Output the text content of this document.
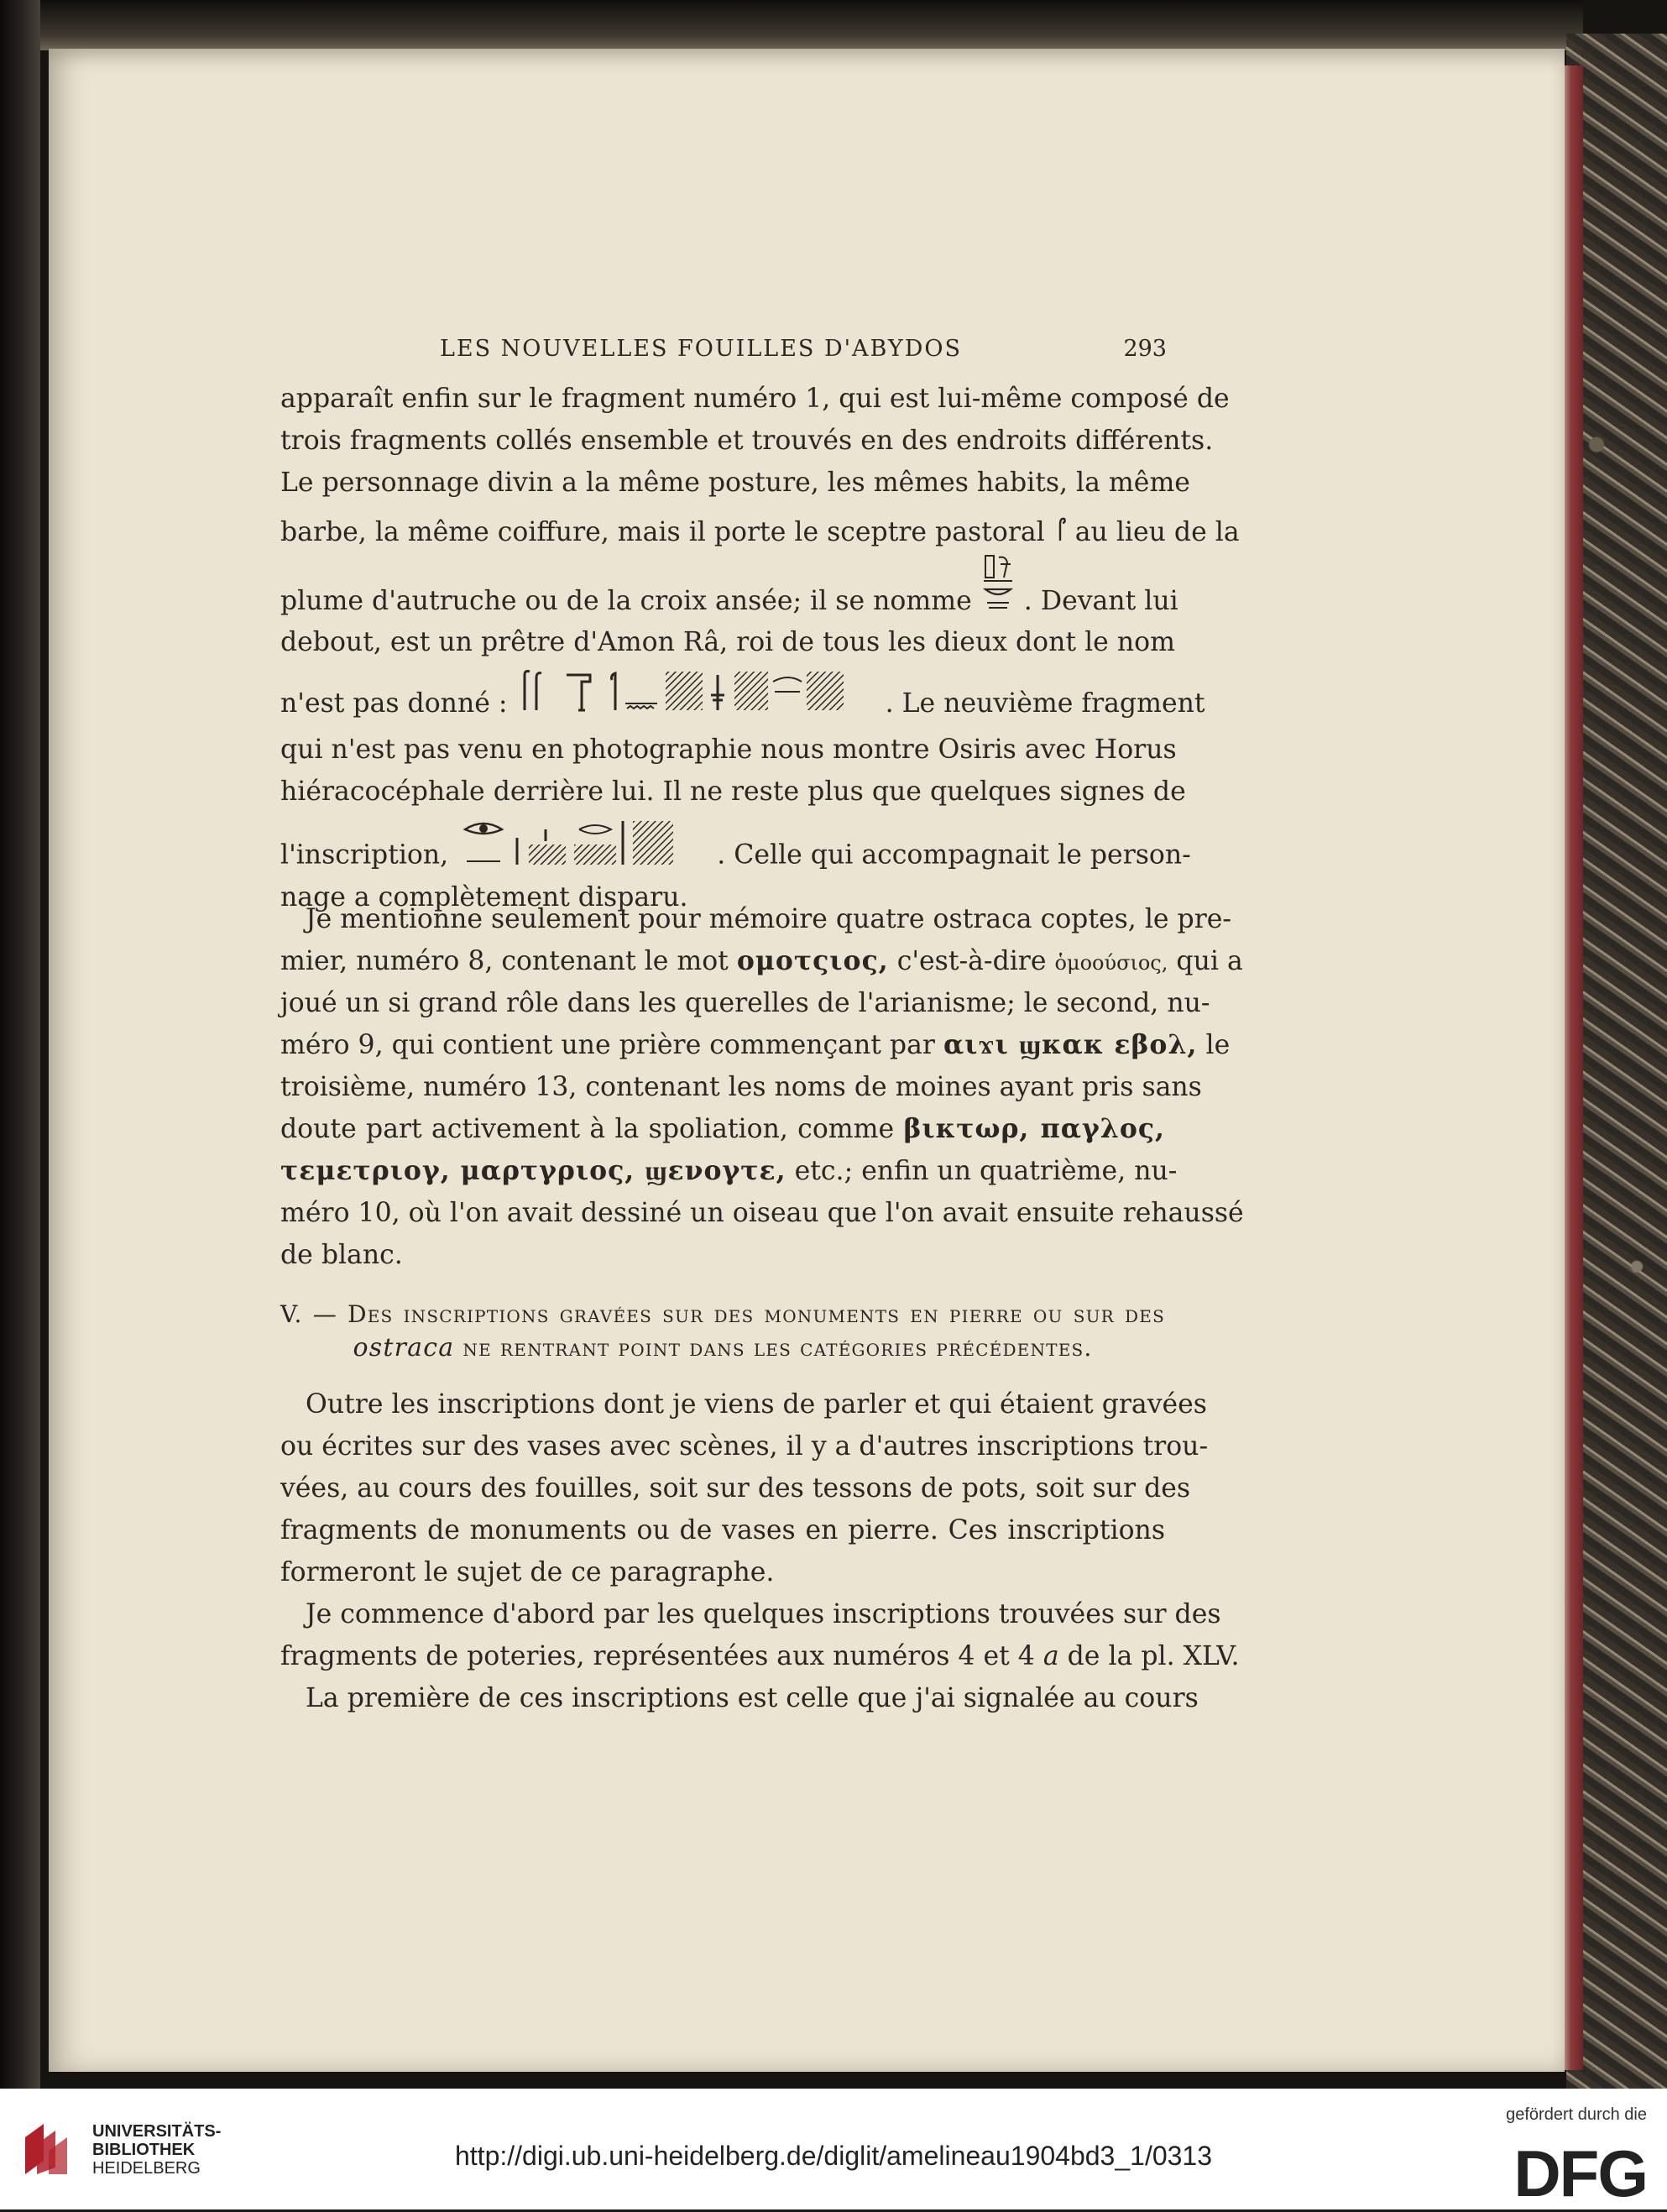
LES NOUVELLES FOUILLES D'ABYDOS	293
apparaît enfin sur le fragment numéro 1, qui est lui-même composé de
trois fragments collés ensemble et trouvés en des endroits différents.
Le personnage divin a la même posture, les mêmes habits, la même
barbe, la même coiffure, mais il porte le sceptre pastoral au lieu de la
plume d'autruche ou de la croix ansée; il se nomme . Devant lui
debout, est un prêtre d'Amon Râ, roi de tous les dieux dont le nom
n'est pas donné :	. Le neuvième fragment
qui n'est pas venu en photographie nous montre Osiris avec Horus
hiéracocéphale derrière lui. Il ne reste plus que quelques signes de
l'inscription,	. Celle qui accompagnait le person-
nage a complètement disparu.
Je mentionne seulement pour mémoire quatre ostraca coptes, le pre-
mier, numéro 8, contenant le mot ομοτςιος, c'est-à-dire ὁμοούσιος, qui a
joué un si grand rôle dans les querelles de l'arianisme; le second, nu-
méro 9, qui contient une prière commençant par αιϫι ϣκακ εβολ, le
troisième, numéro 13, contenant les noms de moines ayant pris sans
doute part activement à la spoliation, comme βικτωρ, παγλος,
τεμετριογ, μαρτγριος, ϣενογτε, etc.; enfin un quatrième, nu-
méro 10, où l'on avait dessiné un oiseau que l'on avait ensuite rehaussé
de blanc.
V. — Des inscriptions gravées sur des monuments en pierre ou sur des
ostraca ne rentrant point dans les catégories précédentes.
Outre les inscriptions dont je viens de parler et qui étaient gravées
ou écrites sur des vases avec scènes, il y a d'autres inscriptions trou-
vées, au cours des fouilles, soit sur des tessons de pots, soit sur des
fragments de monuments ou de vases en pierre. Ces inscriptions
formeront le sujet de ce paragraphe.
Je commence d'abord par les quelques inscriptions trouvées sur des
fragments de poteries, représentées aux numéros 4 et 4 a de la pl. XLV.
La première de ces inscriptions est celle que j'ai signalée au cours
UNIVERSITÄTS-
BIBLIOTHEK
HEIDELBERG	http://digi.ub.uni-heidelberg.de/diglit/amelineau1904bd3_1/0313
gefördert durch die
DFG
